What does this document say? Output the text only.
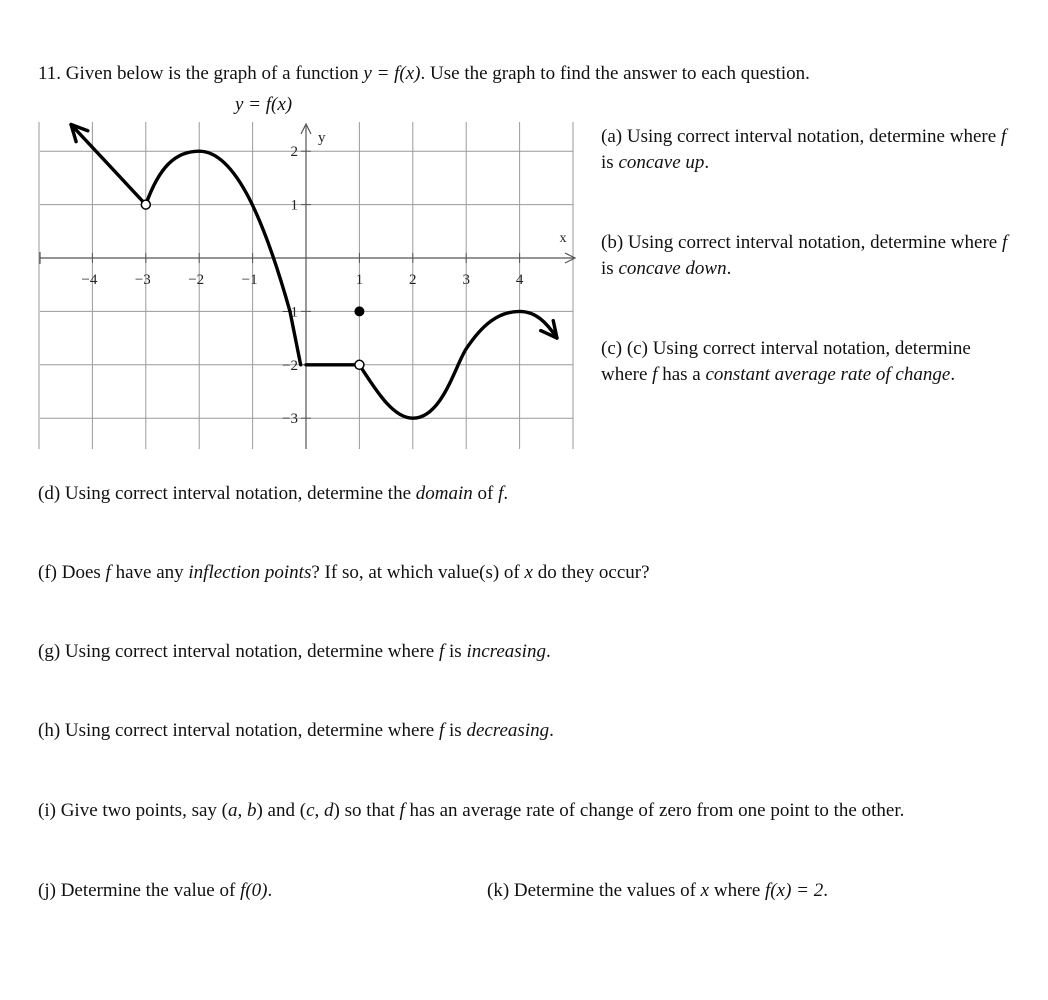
11. Given below is the graph of a function y = f(x). Use the graph to find the answer to each question.
y = f(x)
−4 −3 −2 −1	1	2	3	4
2
1
−1
−2
−3
x
y	(a) Using correct interval notation, determine where f is concave up.
(b) Using correct interval notation, determine where f is concave down.
(c) (c) Using correct interval notation, determine where f has a constant average rate of change.
(d) Using correct interval notation, determine the domain of f.
(f) Does f have any inflection points? If so, at which value(s) of x do they occur?
(g) Using correct interval notation, determine where f is increasing.
(h) Using correct interval notation, determine where f is decreasing.
(i) Give two points, say (a, b) and (c, d) so that f has an average rate of change of zero from one point to the other.
(j) Determine the value of f(0).	(k) Determine the values of x where f(x) = 2.
